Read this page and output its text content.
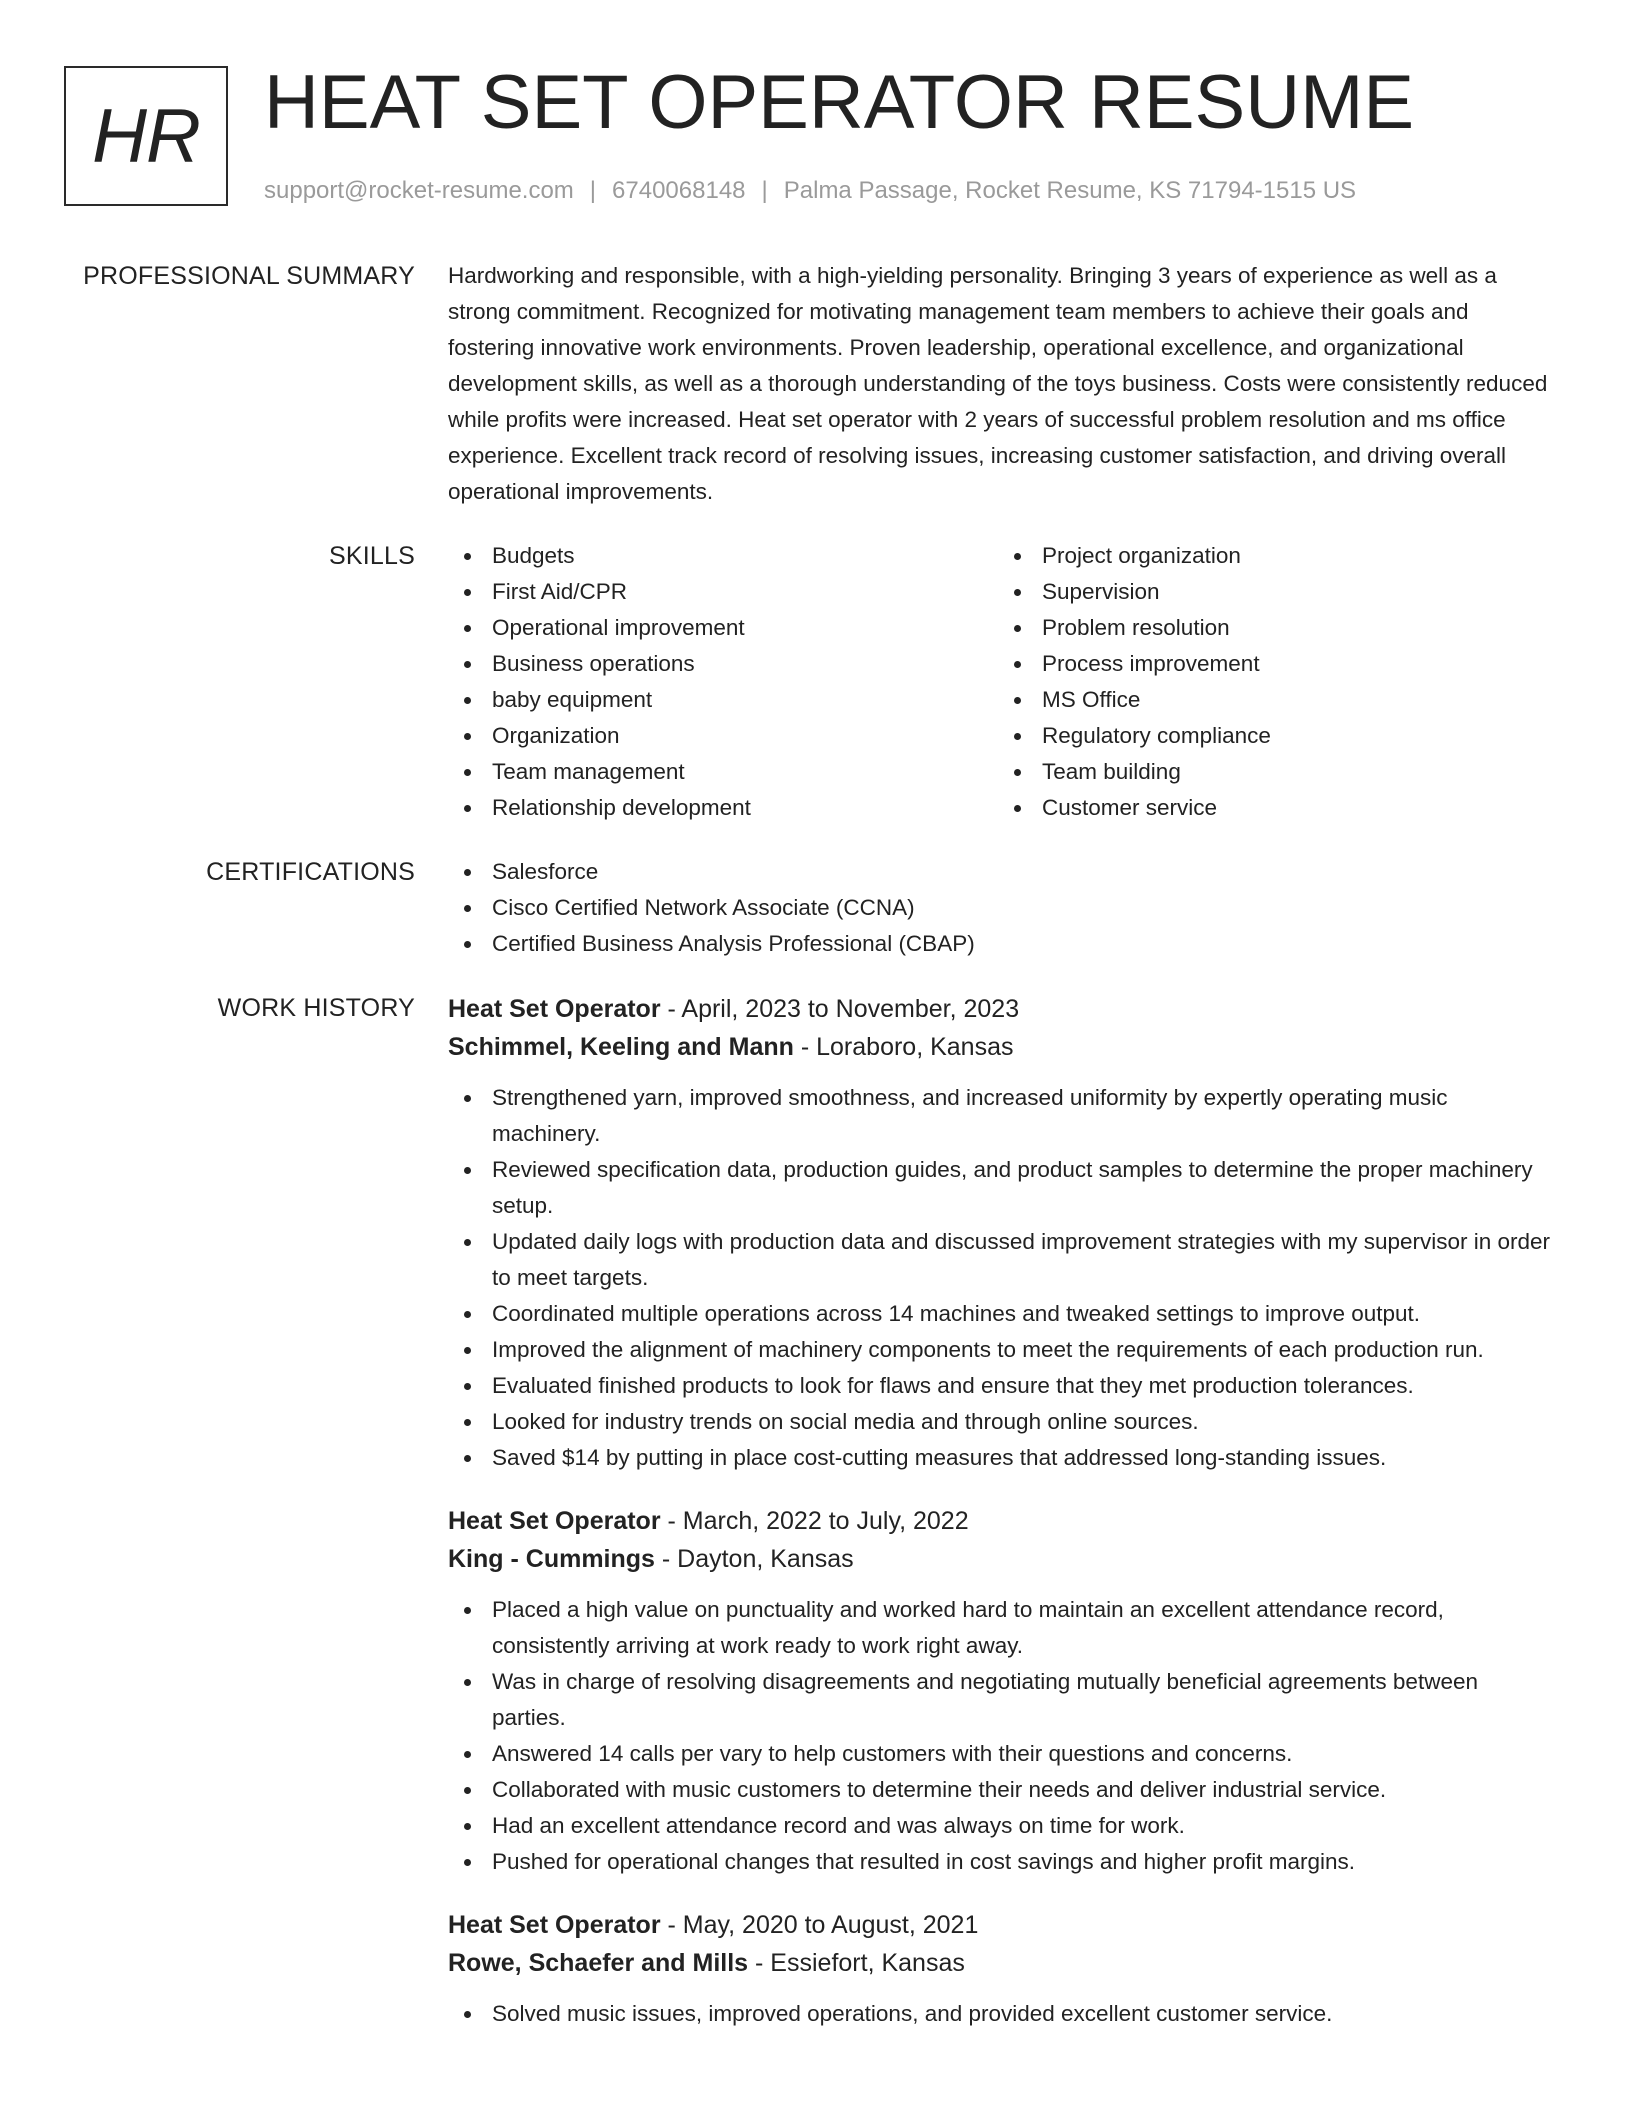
HR HEAT SET OPERATOR RESUME
support@rocket-resume.com | 6740068148 | Palma Passage, Rocket Resume, KS 71794-1515 US
PROFESSIONAL SUMMARY Hardworking and responsible, with a high-yielding personality. Bringing 3 years of experience as well as a strong commitment. Recognized for motivating management team members to achieve their goals and fostering innovative work environments. Proven leadership, operational excellence, and organizational development skills, as well as a thorough understanding of the toys business. Costs were consistently reduced while profits were increased. Heat set operator with 2 years of successful problem resolution and ms office experience. Excellent track record of resolving issues, increasing customer satisfaction, and driving overall operational improvements.

SKILLS	Budgets
First Aid/CPR
Operational improvement
Business operations
baby equipment
Organization
Team management
Relationship development
Project organization
Supervision
Problem resolution
Process improvement
MS Office
Regulatory compliance
Team building
Customer service
CERTIFICATIONS	Salesforce
Cisco Certified Network Associate (CCNA)
Certified Business Analysis Professional (CBAP)
WORK HISTORY Heat Set Operator - April, 2023 to November, 2023
Schimmel, Keeling and Mann - Loraboro, Kansas
Strengthened yarn, improved smoothness, and increased uniformity by expertly operating music machinery.
Reviewed specification data, production guides, and product samples to determine the proper machinery setup.
Updated daily logs with production data and discussed improvement strategies with my supervisor in order to meet targets.
Coordinated multiple operations across 14 machines and tweaked settings to improve output.
Improved the alignment of machinery components to meet the requirements of each production run.
Evaluated finished products to look for flaws and ensure that they met production tolerances.
Looked for industry trends on social media and through online sources.
Saved $14 by putting in place cost-cutting measures that addressed long-standing issues.
Heat Set Operator - March, 2022 to July, 2022
King - Cummings - Dayton, Kansas
Placed a high value on punctuality and worked hard to maintain an excellent attendance record, consistently arriving at work ready to work right away.
Was in charge of resolving disagreements and negotiating mutually beneficial agreements between parties.
Answered 14 calls per vary to help customers with their questions and concerns.
Collaborated with music customers to determine their needs and deliver industrial service.
Had an excellent attendance record and was always on time for work.
Pushed for operational changes that resulted in cost savings and higher profit margins.
Heat Set Operator - May, 2020 to August, 2021
Rowe, Schaefer and Mills - Essiefort, Kansas
Solved music issues, improved operations, and provided excellent customer service.
